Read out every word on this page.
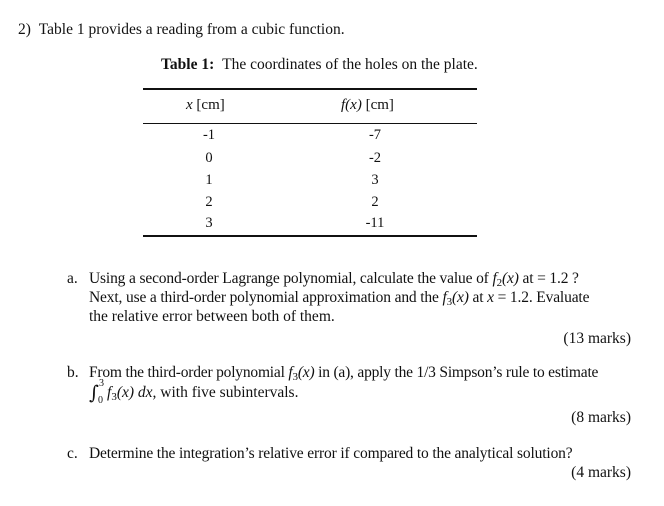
2) Table 1 provides a reading from a cubic function.
Table 1: The coordinates of the holes on the plate.
x [cm]	f(x) [cm]
-1	-7
0	-2
1	3
2	2
3	-11
a. Using a second-order Lagrange polynomial, calculate the value of $f_2(x)$ at = 1.2 ?
Next, use a third-order polynomial approximation and the $f_3(x)$ at x = 1.2. Evaluate
the relative error between both of them.
(13 marks)
b. From the third-order polynomial $f_3(x)$ in (a), apply the 1/3 Simpson’s rule to estimate
∫ 3
0 $f_3(x)$ dx, with five subintervals.
(8 marks)
c. Determine the integration’s relative error if compared to the analytical solution?
(4 marks)
